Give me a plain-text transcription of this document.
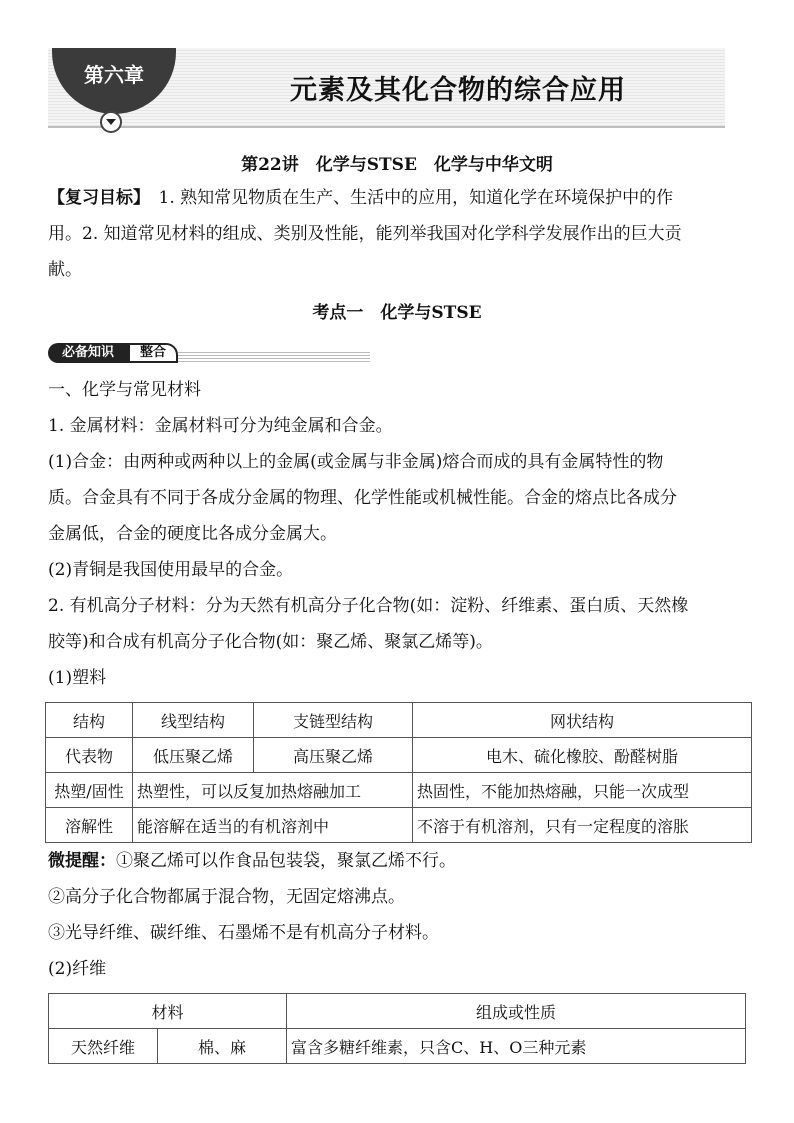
第六章	元素及其化合物的综合应用
第22讲　化学与STSE　化学与中华文明
【复习目标】　1. 熟知常见物质在生产、生活中的应用，知道化学在环境保护中的作
用。2. 知道常见材料的组成、类别及性能，能列举我国对化学科学发展作出的巨大贡
献。
考点一　化学与STSE
必备知识	整合
一、化学与常见材料
1. 金属材料：金属材料可分为纯金属和合金。
(1)合金：由两种或两种以上的金属(或金属与非金属)熔合而成的具有金属特性的物
质。合金具有不同于各成分金属的物理、化学性能或机械性能。合金的熔点比各成分
金属低，合金的硬度比各成分金属大。
(2)青铜是我国使用最早的合金。
2. 有机高分子材料：分为天然有机高分子化合物(如：淀粉、纤维素、蛋白质、天然橡
胶等)和合成有机高分子化合物(如：聚乙烯、聚氯乙烯等)。
(1)塑料
结构	线型结构	支链型结构	网状结构
代表物	低压聚乙烯	高压聚乙烯	电木、硫化橡胶、酚醛树脂
热塑/固性	热塑性，可以反复加热熔融加工		热固性，不能加热熔融，只能一次成型
溶解性	能溶解在适当的有机溶剂中		不溶于有机溶剂，只有一定程度的溶胀
微提醒：①聚乙烯可以作食品包装袋，聚氯乙烯不行。
②高分子化合物都属于混合物，无固定熔沸点。
③光导纤维、碳纤维、石墨烯不是有机高分子材料。
(2)纤维
材料		组成或性质
天然纤维	棉、麻	富含多糖纤维素，只含C、H、O三种元素
